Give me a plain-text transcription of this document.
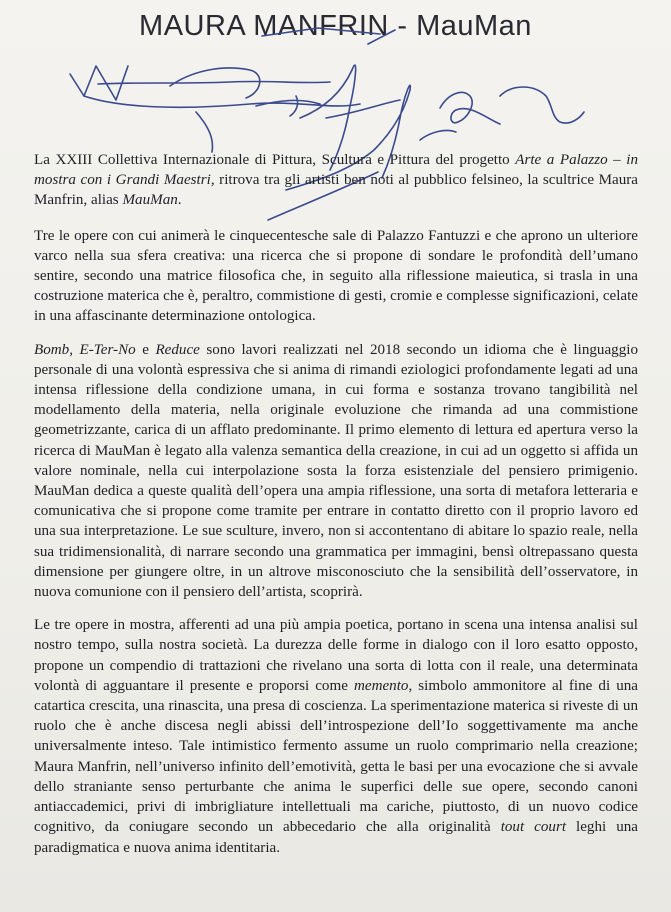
MAURA MANFRIN - MauMan

La XXIII Collettiva Internazionale di Pittura, Scultura e Pittura del progetto Arte a Palazzo – in mostra con i Grandi Maestri, ritrova tra gli artisti ben noti al pubblico felsineo, la scultrice Maura Manfrin, alias MauMan.

Tre le opere con cui animerà le cinquecentesche sale di Palazzo Fantuzzi e che aprono un ulteriore varco nella sua sfera creativa: una ricerca che si propone di sondare le profondità dell’umano sentire, secondo una matrice filosofica che, in seguito alla riflessione maieutica, si trasla in una costruzione materica che è, peraltro, commistione di gesti, cromie e complesse significazioni, celate in una affascinante determinazione ontologica.

Bomb, E-Ter-No e Reduce sono lavori realizzati nel 2018 secondo un idioma che è linguaggio personale di una volontà espressiva che si anima di rimandi eziologici profondamente legati ad una intensa riflessione della condizione umana, in cui forma e sostanza trovano tangibilità nel modellamento della materia, nella originale evoluzione che rimanda ad una commistione geometrizzante, carica di un afflato predominante. Il primo elemento di lettura ed apertura verso la ricerca di MauMan è legato alla valenza semantica della creazione, in cui ad un oggetto si affida un valore nominale, nella cui interpolazione sosta la forza esistenziale del pensiero primigenio. MauMan dedica a queste qualità dell’opera una ampia riflessione, una sorta di metafora letteraria e comunicativa che si propone come tramite per entrare in contatto diretto con il proprio lavoro ed una sua interpretazione. Le sue sculture, invero, non si accontentano di abitare lo spazio reale, nella sua tridimensionalità, di narrare secondo una grammatica per immagini, bensì oltrepassano questa dimensione per giungere oltre, in un altrove misconosciuto che la sensibilità dell’osservatore, in nuova comunione con il pensiero dell’artista, scoprirà.

Le tre opere in mostra, afferenti ad una più ampia poetica, portano in scena una intensa analisi sul nostro tempo, sulla nostra società. La durezza delle forme in dialogo con il loro esatto opposto, propone un compendio di trattazioni che rivelano una sorta di lotta con il reale, una determinata volontà di agguantare il presente e proporsi come memento, simbolo ammonitore al fine di una catartica crescita, una rinascita, una presa di coscienza. La sperimentazione materica si riveste di un ruolo che è anche discesa negli abissi dell’introspezione dell’Io soggettivamente ma anche universalmente inteso. Tale intimistico fermento assume un ruolo comprimario nella creazione; Maura Manfrin, nell’universo infinito dell’emotività, getta le basi per una evocazione che si avvale dello straniante senso perturbante che anima le superfici delle sue opere, secondo canoni antiaccademici, privi di imbrigliature intellettuali ma cariche, piuttosto, di un nuovo codice cognitivo, da coniugare secondo un abbecedario che alla originalità tout court leghi una paradigmatica e nuova anima identitaria.
